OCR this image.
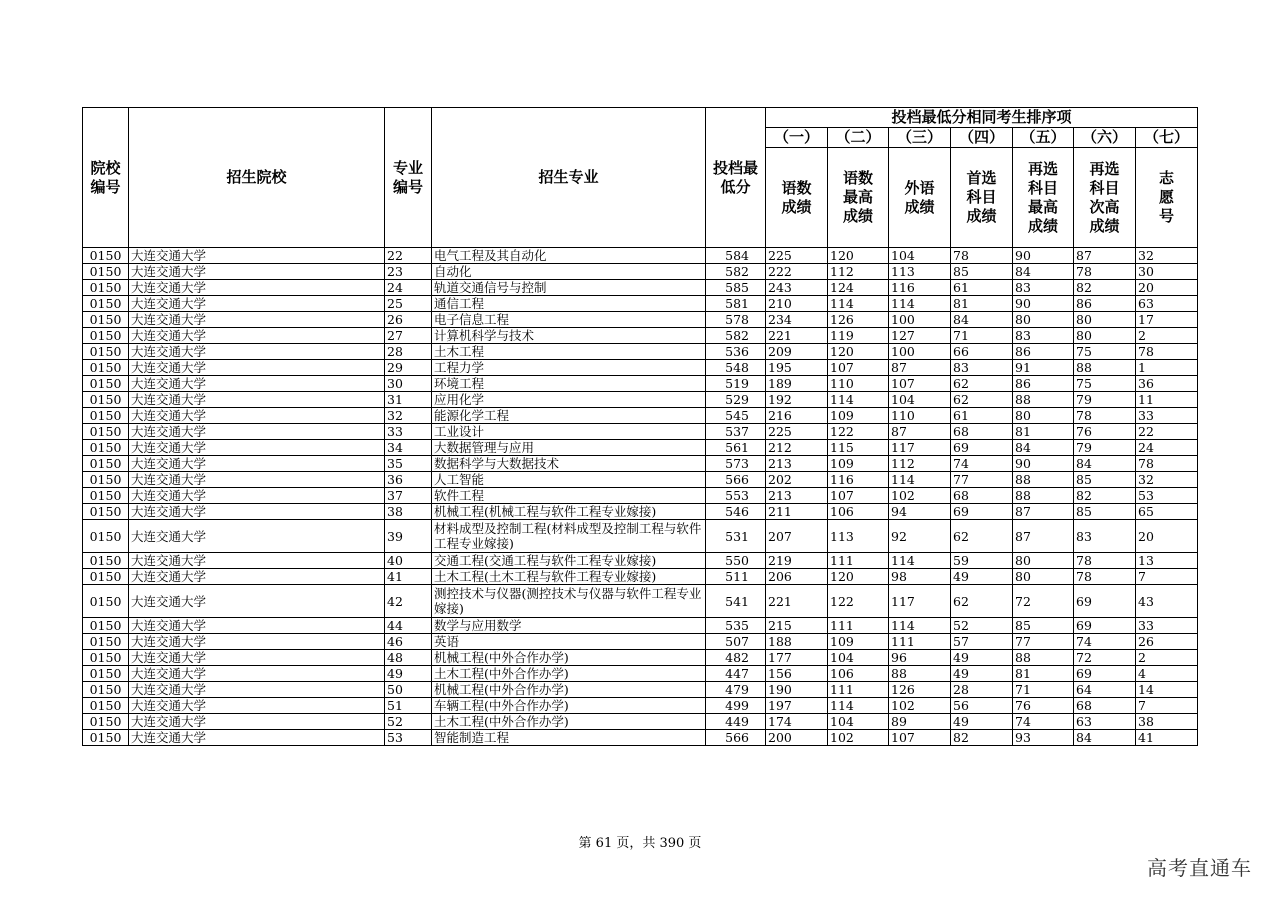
院校编号	招生院校	专业编号	招生专业	投档最低分	投档最低分相同考生排序项						
					（一）	（二）	（三）	（四）	（五）	（六）	（七）
					语数成绩	语数最高成绩	外语成绩	首选科目成绩	再选科目最高成绩	再选科目次高成绩	志愿号
0150	大连交通大学	22	电气工程及其自动化	584	225	120	104	78	90	87	32
0150	大连交通大学	23	自动化	582	222	112	113	85	84	78	30
0150	大连交通大学	24	轨道交通信号与控制	585	243	124	116	61	83	82	20
0150	大连交通大学	25	通信工程	581	210	114	114	81	90	86	63
0150	大连交通大学	26	电子信息工程	578	234	126	100	84	80	80	17
0150	大连交通大学	27	计算机科学与技术	582	221	119	127	71	83	80	2
0150	大连交通大学	28	土木工程	536	209	120	100	66	86	75	78
0150	大连交通大学	29	工程力学	548	195	107	87	83	91	88	1
0150	大连交通大学	30	环境工程	519	189	110	107	62	86	75	36
0150	大连交通大学	31	应用化学	529	192	114	104	62	88	79	11
0150	大连交通大学	32	能源化学工程	545	216	109	110	61	80	78	33
0150	大连交通大学	33	工业设计	537	225	122	87	68	81	76	22
0150	大连交通大学	34	大数据管理与应用	561	212	115	117	69	84	79	24
0150	大连交通大学	35	数据科学与大数据技术	573	213	109	112	74	90	84	78
0150	大连交通大学	36	人工智能	566	202	116	114	77	88	85	32
0150	大连交通大学	37	软件工程	553	213	107	102	68	88	82	53
0150	大连交通大学	38	机械工程(机械工程与软件工程专业嫁接)	546	211	106	94	69	87	85	65
0150	大连交通大学	39	材料成型及控制工程(材料成型及控制工程与软件工程专业嫁接)	531	207	113	92	62	87	83	20
0150	大连交通大学	40	交通工程(交通工程与软件工程专业嫁接)	550	219	111	114	59	80	78	13
0150	大连交通大学	41	土木工程(土木工程与软件工程专业嫁接)	511	206	120	98	49	80	78	7
0150	大连交通大学	42	测控技术与仪器(测控技术与仪器与软件工程专业嫁接)	541	221	122	117	62	72	69	43
0150	大连交通大学	44	数学与应用数学	535	215	111	114	52	85	69	33
0150	大连交通大学	46	英语	507	188	109	111	57	77	74	26
0150	大连交通大学	48	机械工程(中外合作办学)	482	177	104	96	49	88	72	2
0150	大连交通大学	49	土木工程(中外合作办学)	447	156	106	88	49	81	69	4
0150	大连交通大学	50	机械工程(中外合作办学)	479	190	111	126	28	71	64	14
0150	大连交通大学	51	车辆工程(中外合作办学)	499	197	114	102	56	76	68	7
0150	大连交通大学	52	土木工程(中外合作办学)	449	174	104	89	49	74	63	38
0150	大连交通大学	53	智能制造工程	566	200	102	107	82	93	84	41
第 61 页，共 390 页
高考直通车
